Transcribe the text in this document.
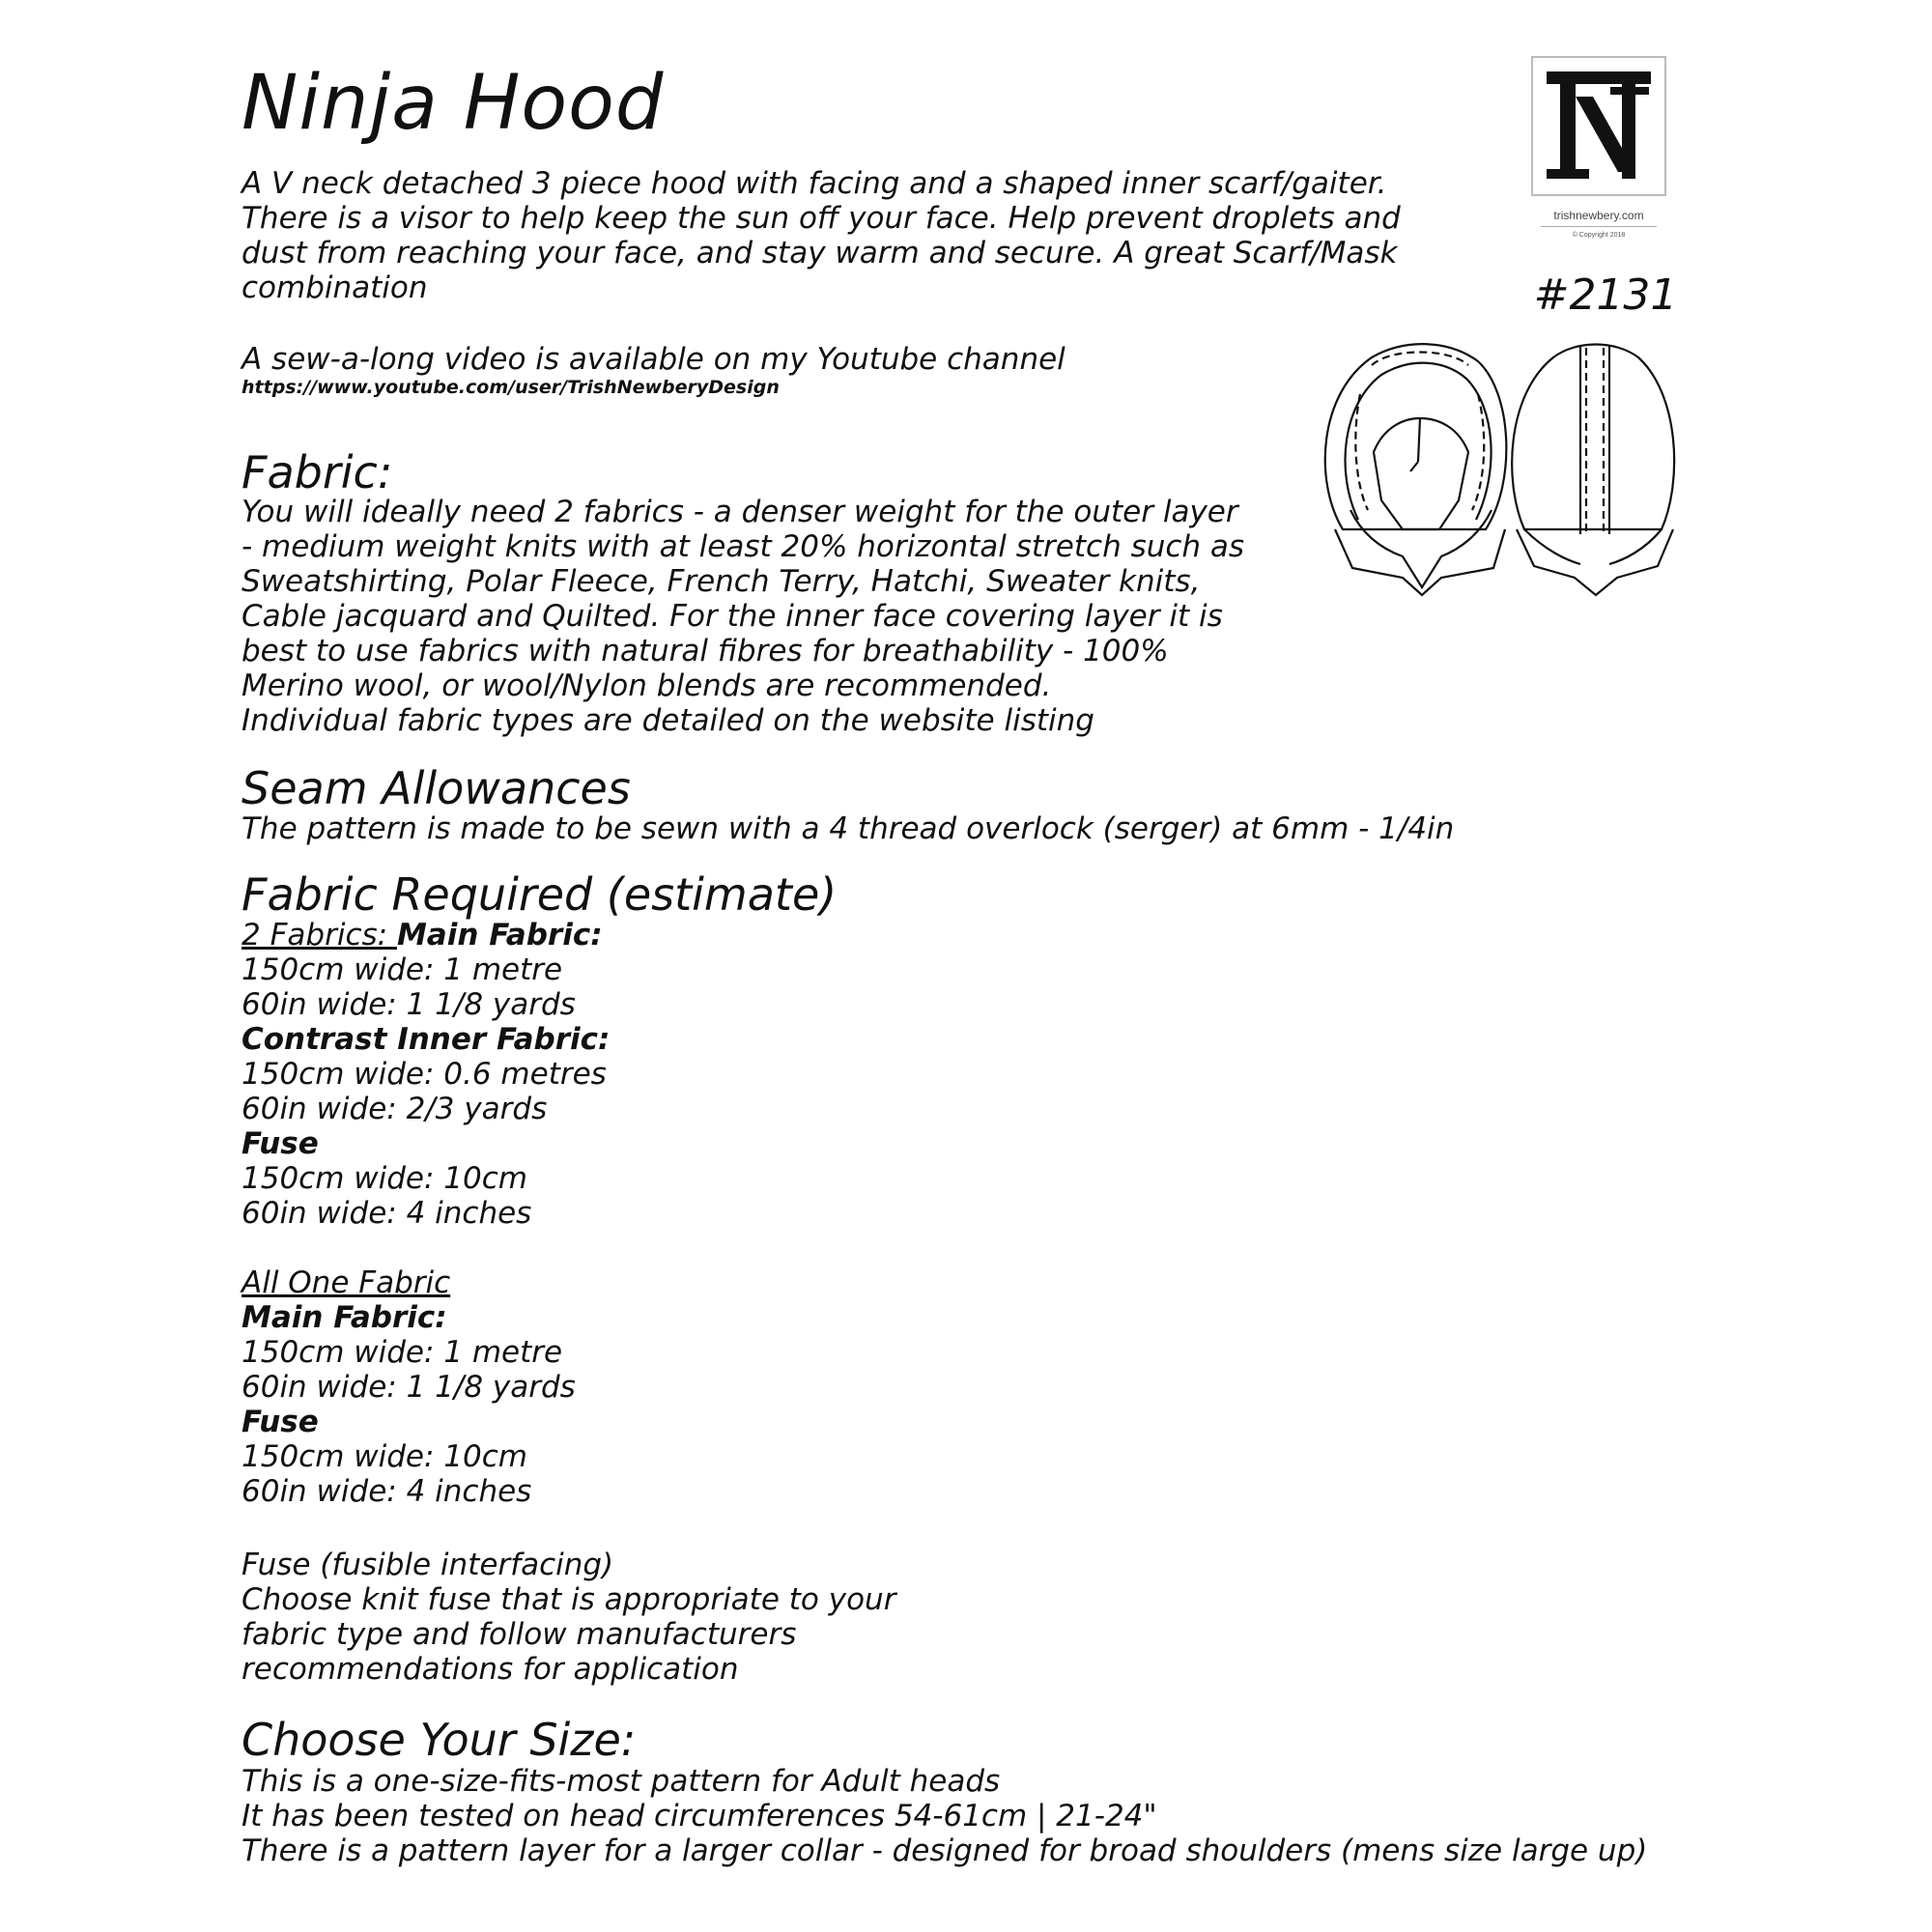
Ninja Hood
A V neck detached 3 piece hood with facing and a shaped inner scarf/gaiter.
There is a visor to help keep the sun off your face. Help prevent droplets and
dust from reaching your face, and stay warm and secure. A great Scarf/Mask
combination
A sew-a-long video is available on my Youtube channel
https://www.youtube.com/user/TrishNewberyDesign
trishnewbery.com
© Copyright 2018
#2131
Fabric:
You will ideally need 2 fabrics - a denser weight for the outer layer
- medium weight knits with at least 20% horizontal stretch such as
Sweatshirting, Polar Fleece, French Terry, Hatchi, Sweater knits,
Cable jacquard and Quilted. For the inner face covering layer it is
best to use fabrics with natural fibres for breathability - 100%
Merino wool, or wool/Nylon blends are recommended.
Individual fabric types are detailed on the website listing
Seam Allowances
The pattern is made to be sewn with a 4 thread overlock (serger) at 6mm - 1/4in
Fabric Required (estimate)
2 Fabrics: Main Fabric:
150cm wide: 1 metre
60in wide: 1 1/8 yards
Contrast Inner Fabric:
150cm wide: 0.6 metres
60in wide: 2/3 yards
Fuse
150cm wide: 10cm
60in wide: 4 inches
All One Fabric
Main Fabric:
150cm wide: 1 metre
60in wide: 1 1/8 yards
Fuse
150cm wide: 10cm
60in wide: 4 inches
Fuse (fusible interfacing)
Choose knit fuse that is appropriate to your
fabric type and follow manufacturers
recommendations for application
Choose Your Size:
This is a one-size-fits-most pattern for Adult heads
It has been tested on head circumferences 54-61cm | 21-24"
There is a pattern layer for a larger collar - designed for broad shoulders (mens size large up)
